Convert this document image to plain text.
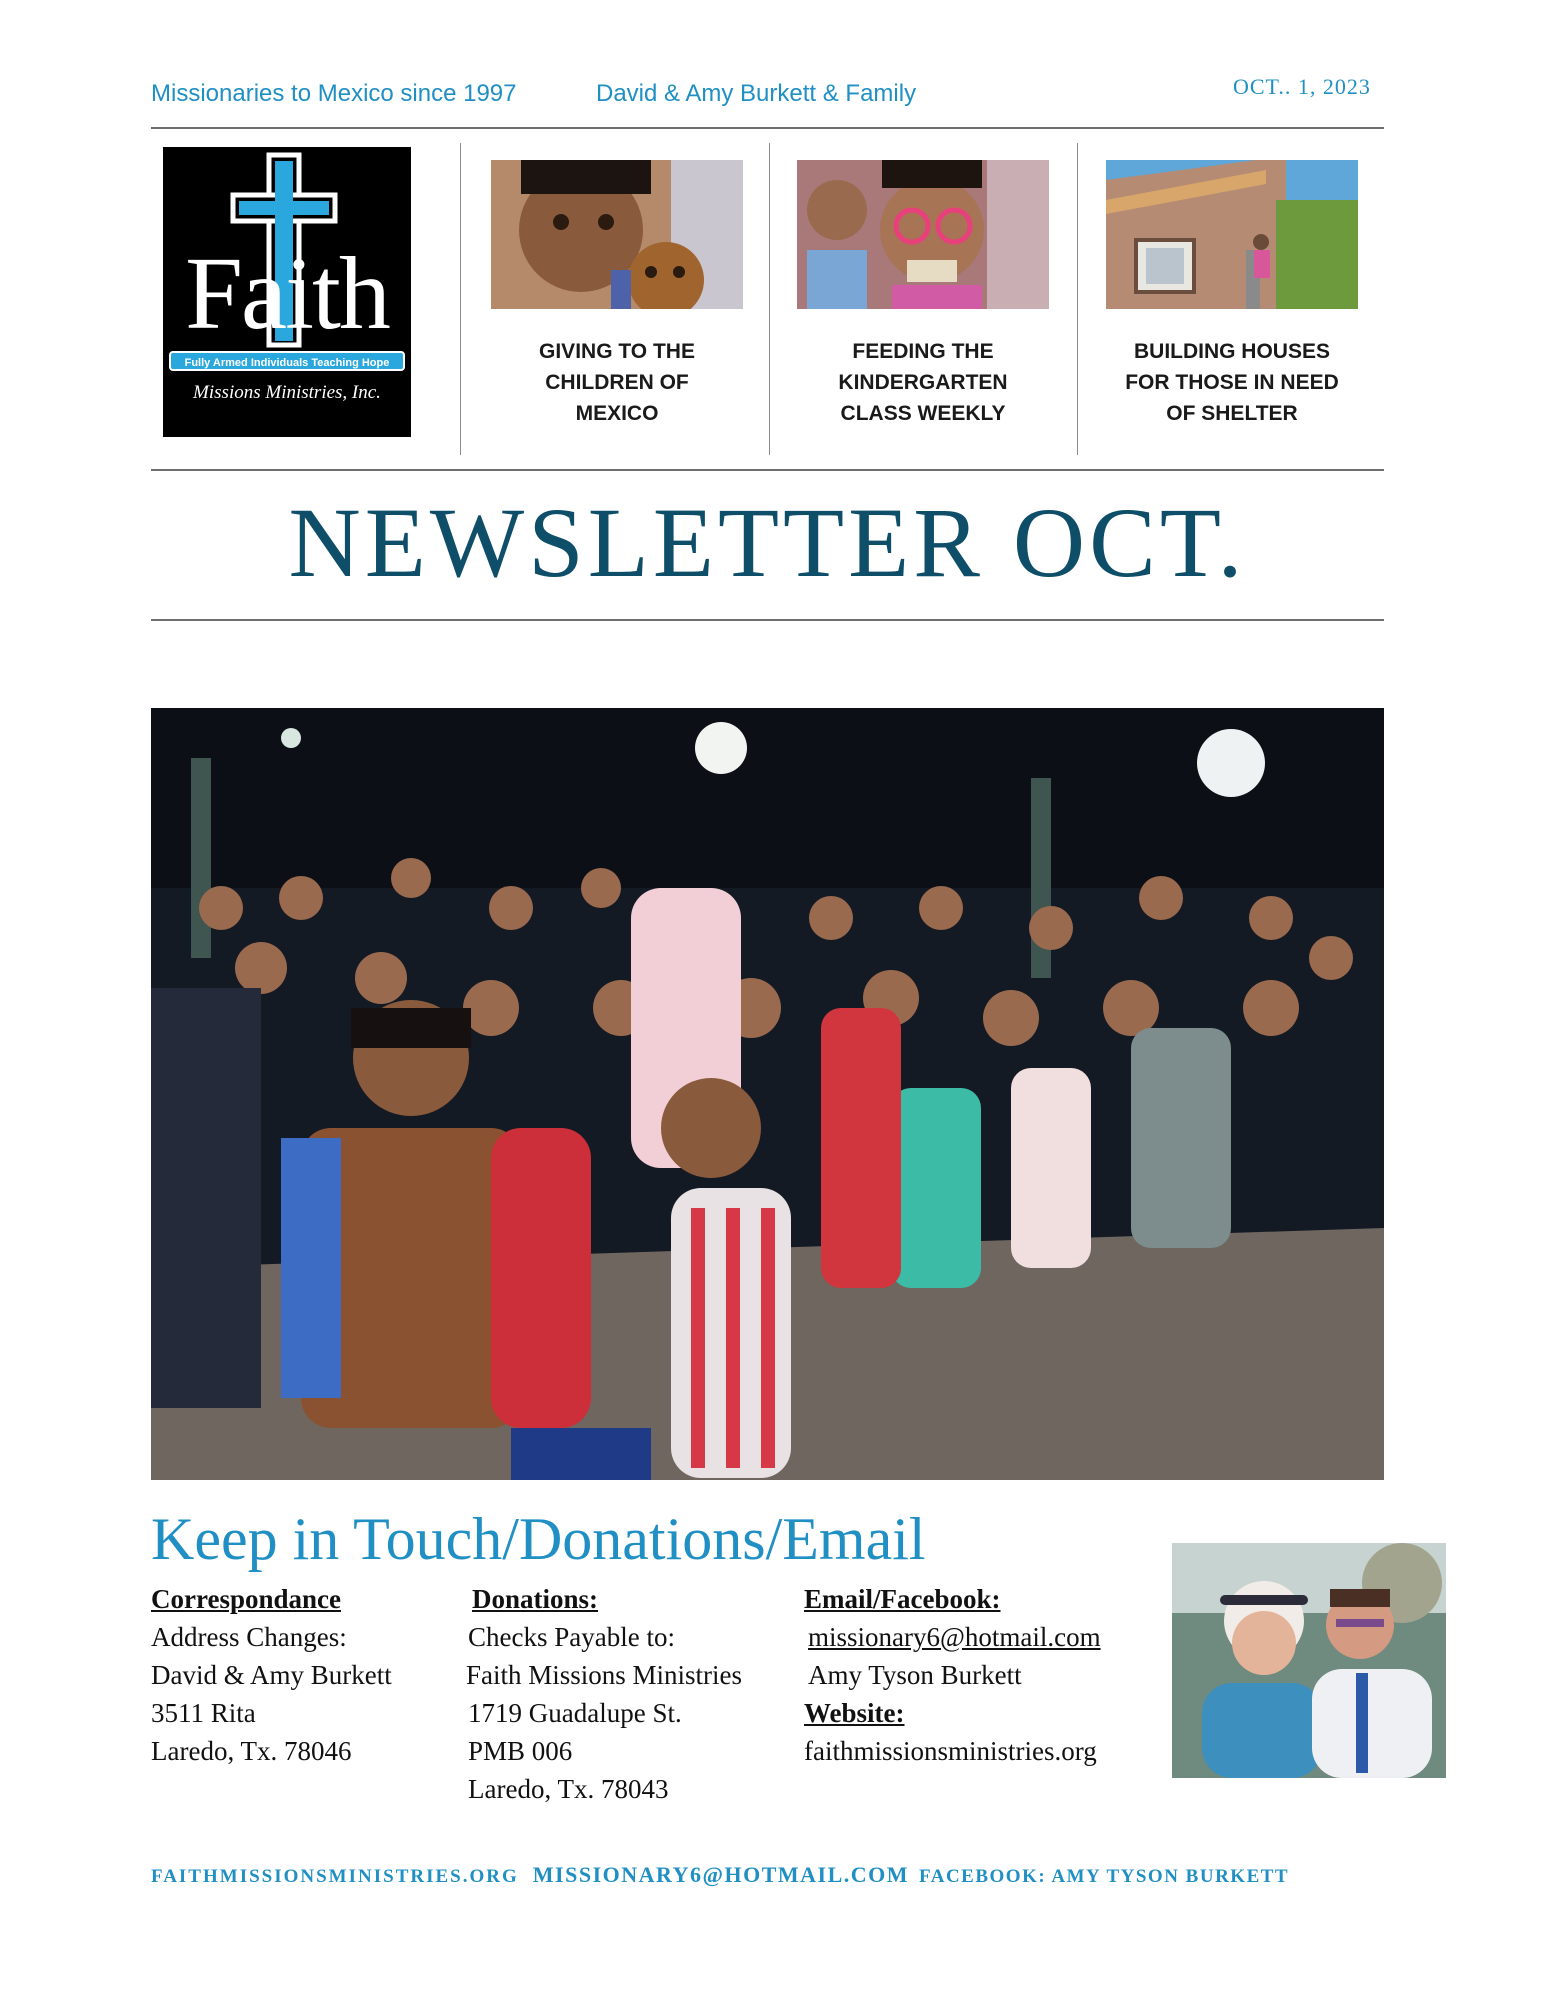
Missionaries to Mexico since 1997	David & Amy Burkett & Family	OCT.. 1, 2023
Faith
Fully Armed Individuals Teaching Hope
Missions Ministries, Inc.
GIVING TO THE
CHILDREN OF
MEXICO
FEEDING THE
KINDERGARTEN
CLASS WEEKLY
BUILDING HOUSES
FOR THOSE IN NEED
OF SHELTER
NEWSLETTER OCT.
Keep in Touch/Donations/Email
Correspondance
Address Changes:
David & Amy Burkett
3511 Rita
Laredo, Tx. 78046
Donations:
Checks Payable to:
Faith Missions Ministries
1719 Guadalupe St.
PMB 006
Laredo, Tx. 78043
Email/Facebook:
missionary6@hotmail.com
Amy Tyson Burkett
Website:
faithmissionsministries.org
FAITHMISSIONSMINISTRIES.ORG MISSIONARY6@HOTMAIL.COM FACEBOOK: AMY TYSON BURKETT
